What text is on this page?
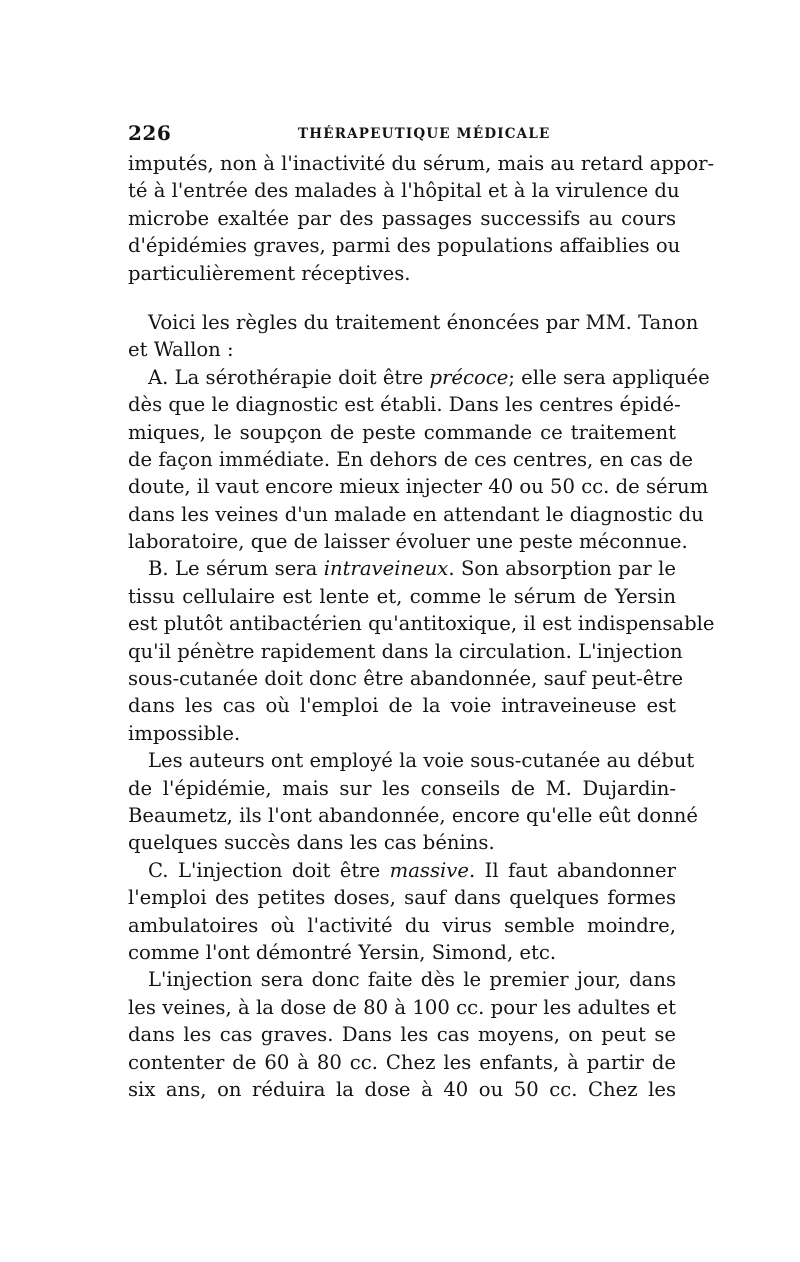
226	THÉRAPEUTIQUE MÉDICALE
imputés, non à l'inactivité du sérum, mais au retard appor-
té à l'entrée des malades à l'hôpital et à la virulence du
microbe exaltée par des passages successifs au cours
d'épidémies graves, parmi des populations affaiblies ou
particulièrement réceptives.
Voici les règles du traitement énoncées par MM. Tanon
et Wallon :
A. La sérothérapie doit être précoce; elle sera appliquée
dès que le diagnostic est établi. Dans les centres épidé-
miques, le soupçon de peste commande ce traitement
de façon immédiate. En dehors de ces centres, en cas de
doute, il vaut encore mieux injecter 40 ou 50 cc. de sérum
dans les veines d'un malade en attendant le diagnostic du
laboratoire, que de laisser évoluer une peste méconnue.
B. Le sérum sera intraveineux. Son absorption par le
tissu cellulaire est lente et, comme le sérum de Yersin
est plutôt antibactérien qu'antitoxique, il est indispensable
qu'il pénètre rapidement dans la circulation. L'injection
sous-cutanée doit donc être abandonnée, sauf peut-être
dans les cas où l'emploi de la voie intraveineuse est
impossible.
Les auteurs ont employé la voie sous-cutanée au début
de l'épidémie, mais sur les conseils de M. Dujardin-
Beaumetz, ils l'ont abandonnée, encore qu'elle eût donné
quelques succès dans les cas bénins.
C. L'injection doit être massive. Il faut abandonner
l'emploi des petites doses, sauf dans quelques formes
ambulatoires où l'activité du virus semble moindre,
comme l'ont démontré Yersin, Simond, etc.
L'injection sera donc faite dès le premier jour, dans
les veines, à la dose de 80 à 100 cc. pour les adultes et
dans les cas graves. Dans les cas moyens, on peut se
contenter de 60 à 80 cc. Chez les enfants, à partir de
six ans, on réduira la dose à 40 ou 50 cc. Chez les
